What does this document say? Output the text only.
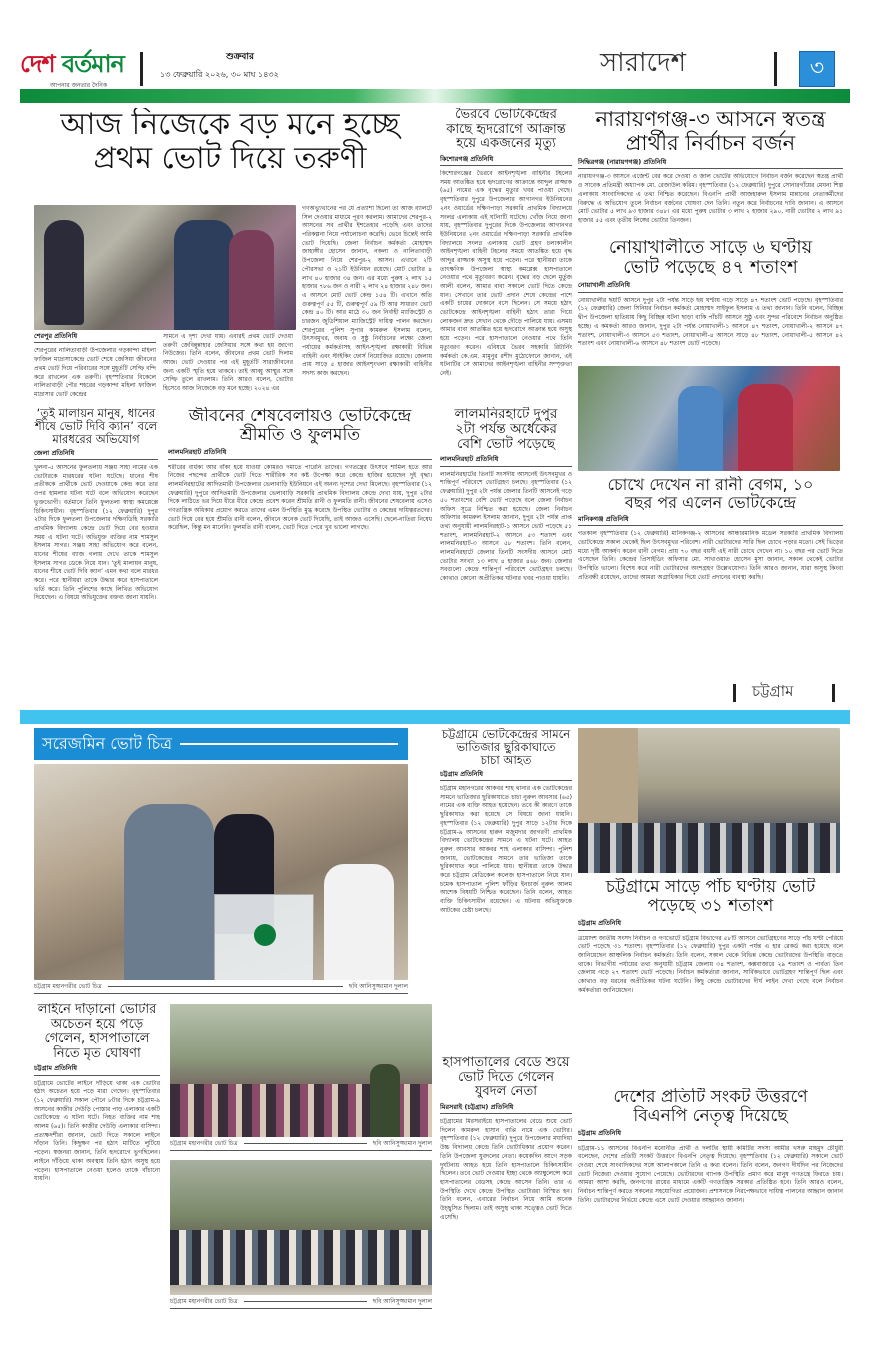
দেশ বর্তমান
আপনার জনতার দৈনিক
শুক্রবার
১৩ ফেব্রুয়ারি ২০২৬, ৩০ মাঘ ১৪৩২	সারাদেশ	৩
আজ নিজেকে বড় মনে হচ্ছে
প্রথম ভোট দিয়ে তরুণী
শেরপুর প্রতিনিধি
শেরপুরের নালিতাবাড়ী উপজেলার গড়কান্দা মহিলা ফাজিল মাদ্রাসাকেন্দ্রে ভোট শেষে জেসিয়া জীবনের প্রথম ভোট দিয়ে পরিবারের সঙ্গে মুহূর্তটি সেল্ফি বন্দি করে রাখলেন এক তরুণী। বৃহস্পতিবার বিকেলে নালিতাবাড়ী পৌর শহরের গড়কান্দা মহিলা ফাজিল মাদ্রাসার ভোট কেন্দ্রের
সামনে এ দৃশ্য দেখা যায়। এবারই প্রথম ভোট দেওয়া তরুণী জেবিন্নুন্নাহার জেসিয়ার সঙ্গে কথা হয় জাগো নিউজের। তিনি বলেন, জীবনের প্রথম ভোট দিলাম আজ। ভোট দেওয়ার পর এই মুহূর্তটি সারাজীবনের জন্য একটি স্মৃতি হয়ে থাকবে। তাই আব্বু আম্মুর সঙ্গে সেল্ফি তুলে রাখলাম। তিনি আরও বলেন, ভোটার হিসেবে আজ নিজেকে বড় মনে হচ্ছে। ২০২৪ এর
গণঅভ্যুত্থানের পর যে প্রত্যাশা ছিলো তা আজ ব্যালটে সিল দেওয়ার মাধ্যমে পূরণ করলাম। আমাদের শেরপুর-২ আসনের সব প্রার্থীর ইশতেহার পড়েছি এবং তাদের পরিকল্পনা নিয়ে পর্যালোচনা করেছি। ভেবে চিন্তেই আমি ভোট দিয়েছি। জেলা নির্বাচন কর্মকর্তা মোহাম্মদ জাহাঙ্গীর হোসেন জানান, নকলা ও নালিতাবাড়ী উপজেলা নিয়ে শেরপুর-২ আসন। এখানে ২টি পৌরসভা ও ২১টি ইউনিয়ন রয়েছে। মোট ভোটার ৪ লাখ ৪০ হাজার ৩৪ জন। এর মধ্যে পুরুষ ২ লাখ ১৫ হাজার ৭৮৬ জন ও নারী ২ লাখ ২৪ হাজার ২৪৮ জন। এ আসনে মোট ভোট কেন্দ্র ১৫৪ টি। এখানে অতি গুরুত্বপূর্ণ ৫৫ টি, গুরুত্বপূর্ণ ৫৯ টি আর সাধারণ ভোট কেন্দ্র ৪০ টি। আর মাঠে ৩০ জন নির্বাহী ম্যাজিস্ট্রেট ও চারজন জুডিশিয়াল ম্যাজিস্ট্রেট দায়িত্ব পালন করছেন। শেরপুরের পুলিশ সুপার কামরুল ইসলাম বলেন, উৎসবমুখর, অবাধ ও সুষ্ঠু নির্বাচনের লক্ষ্যে জেলা পর্যায়ের কর্মকর্তাসহ আইন-শৃঙ্খলা রক্ষাকারী বিভিন্ন বাহিনী এবং স্টাইকিং ফোর্স নিয়োজিত রয়েছে। জেলায় প্রায় সাড়ে ৫ হাজার আইনশৃংখলা রক্ষাকারী বাহিনীর সদস্য কাজ করছেন।
ভৈরবে ভোটকেন্দ্রের
কাছে হৃদরোগে আক্রান্ত
হয়ে একজনের মৃত্যু
কিশোরগঞ্জ প্রতিনিধি
কিশোরগঞ্জের ভৈরবে আইনশৃঙ্খলা বাহিনীর টহলের সময় আতঙ্কিত হয়ে হৃদরোগের আক্রান্তে আব্দুল রাজ্জাক (৬৫) নামের এক বৃদ্ধের মৃত্যুর খবর পাওয়া গেছে। বৃহস্পতিবার দুপুরে উপজেলার আগানগর ইউনিয়নের ২নং ওয়ার্ডের দক্ষিণপাড়া সরকারি প্রাথমিক বিদ্যালয়ে সংলগ্ন এলাকায় এই ঘটনাটি ঘটেছে। খোঁজ নিয়ে জানা যায়, বৃহস্পতিবার দুপুরের দিকে উপজেলার আগানগর ইউনিয়নের ২নং ওয়ার্ডের দক্ষিণপাড়া সরকারি প্রাথমিক বিদ্যালয়ে সংলগ্ন এলাকায় ভোট গ্রহণ চলাকালীন আইনশৃঙ্খলা বাহিনী টহলের সময়ে আতঙ্কিত হয়ে বৃদ্ধ আব্দুর রাজ্জাক অসুস্থ হয়ে পড়েন। পরে স্থানীয়রা তাকে তাৎক্ষণিক উপজেলা স্বাস্থ্য কমপ্লেক্স হাসপাতালে নেওয়ার পথে মৃত্যুবরণ করেন। বৃদ্ধের বড় ছেলে মুর্তুজ আলী বলেন, আমার বাবা সকালে ভোট দিতে কেন্দ্রে যান। সেখানে তার ভোট প্রদান শেষে কেন্দ্রের পাশে একটি চায়ের দোকানে বসে ছিলেন। সে সময়ে হঠাৎ ভোটকেন্দ্রে আইনশৃঙ্খলা বাহিনী হঠাৎ তারা গিয়ে লোকজন দ্রুত সেখান থেকে দৌড়ে পালিয়ে যায়। এসময় আমার বাবা আতঙ্কিত হয়ে হৃদরোগে আক্রান্ত হয়ে অসুস্থ হয়ে পড়েন। পরে হাসপাতালে নেওয়ার পথে তিনি মৃত্যুবরণ করেন। এবিষয়ে ভৈরব সহকারি রিটার্নিং কর্মকর্তা কে.এম. মামুনুর রশীদ মুঠোফোনে জানান, এই ঘটনাটির সে আমাদের আইনশৃঙ্খলা বাহিনীর সম্পৃক্ততা নেই।
নারায়ণগঞ্জ-৩ আসনে স্বতন্ত্র
প্রার্থীর নির্বাচন বর্জন
সিদ্ধিরগঞ্জ (নারায়ণগঞ্জ) প্রতিনিধি
নারায়ণগঞ্জ-৩ আসনে এজেন্ট বের করে দেওয়া ও জাল ভোটের অভিযোগে নির্বাচন বর্জন করেছেন স্বতন্ত্র প্রার্থী ও সাবেক প্রতিমন্ত্রী অধ্যাপক মো. রেজাউল করিম। বৃহস্পতিবার (১২ ফেব্রুয়ারি) দুপুরে সোনারগাঁয়ের মেঘনা শিল্প এলাকায় সাংবাদিকদের এ তথ্য নিশ্চিত করেছেন। বিএনপি প্রার্থী আজহারুল ইসলাম মান্নানের নেতাকর্মীদের বিরুদ্ধে এ অভিযোগ তুলে নির্বাচন বর্জনের ঘোষণা দেন তিনি। নতুন করে নির্বাচনের দাবি জানান। এ আসনে মোট ভোটার ৫ লাখ ৯৩ হাজার ৩৪৮। এর মধ্যে পুরুষ ভোটার ৩ লাখ ২ হাজার ২৯০, নারী ভোটার ২ লাখ ৯১ হাজার ৫৫ এবং তৃতীয় লিঙ্গের ভোটার তিনজন।
নোয়াখালীতে সাড়ে ৬ ঘণ্টায়
ভোট পড়েছে ৪৭ শতাংশ
নোয়াখালী প্রতিনিধি
নোয়াখালীর ছয়টি আসনে দুপুর ২টা পর্যন্ত সাড়ে ছয় ঘণ্টায় গড়ে সাড়ে ৪৭ শতাংশ ভোট পড়েছে। বৃহস্পতিবার (১২ ফেব্রুয়ারি) জেলা সিনিয়র নির্বাচন কর্মকর্তা মোহাম্মদ সাইফুল ইসলাম এ তথ্য জানান। তিনি বলেন, বিচ্ছিন্ন দ্বীপ উপজেলা হাতিয়ায় কিছু বিচ্ছিন্ন ঘটনা ছাড়া বাকি পাঁচটি আসনে সুষ্ঠু এবং সুন্দর পরিবেশে নির্বাচন অনুষ্ঠিত হচ্ছে। এ কমকর্তা আরও জানান, দুপুর ২টা পর্যন্ত নোয়াখালী-১ আসনে ৪৭ শতাংশ, নোয়াখালী-২ আসনে ৪৭ শতাংশ, নোয়াখালী-৩ আসনে ৫৩ শতাংশ, নোয়াখালী-৪ আসনে সাড়ে ৪৮ শতাংশ, নোয়াখালী-৫ আসনে ৪২ শতাংশ এবং নোয়াখালী-৬ আসনে ৪৮ শতাংশ ভোট পড়েছে।
‘তুই মালায়ন মানুষ, ধানের
শীষে ভোট দিবি ক্যান’ বলে
মারধরের অভিযোগ
জেলা প্রতিনিধি
খুলনা-৫ আসনের ফুলতলায় সঞ্জয় সাহা নামের এক ভোটারকে মারধরের ঘটনা ঘটেছে। ধানের শীষ প্রতীককে প্রার্থীকে ভোট দেওয়াকে কেন্দ্র করে তার ওপর হামলার ঘটনা ঘটে বলে অভিযোগ করেছেন ভুক্তভোগী। বর্তমানে তিনি ফুলতলা স্বাস্থ্য কমপ্লেক্সে চিকিৎসাধীন। বৃহস্পতিবার (১২ ফেব্রুয়ারি) দুপুর ২টার দিকে ফুলতলা উপজেলার দক্ষিণডিহি সরকারি প্রাথমিক বিদ্যালয় কেন্দ্রে ভোট দিয়ে বের হওয়ার সময় এ ঘটনা ঘটে। অভিযুক্ত ব্যক্তির নাম শামসুল ইসলাম সাগর। সঞ্জয় সাহা অভিযোগ করে বলেন, ধানের শীষের ব্যাজ গলায় দেখে তাকে শামসুল ইসলাম সাগর ডেকে নিয়ে যান। ‘তুই মালায়ন মানুষ, ধানের শীষে ভোট দিবি ক্যান’ এমন কথা বলে মারধর করে। পরে স্থানীয়রা তাকে উদ্ধার করে হাসপাতালে ভর্তি করে। তিনি পুলিশের কাছে লিখিত অভিযোগ দিয়েছেন। এ বিষয়ে অভিযুক্তের বক্তব্য জানা যায়নি।
জীবনের শেষবেলায়ও ভোটকেন্দ্রে
শ্রীমতি ও ফুলমতি
লালমনিরহাট প্রতিনিধি
শরীরের বার্ধক্য আর বাঁকা হয়ে যাওয়া কোমরও দমাতে পারেনি তাদের। গণতন্ত্রের উৎসবে শামিল হতে আর নিজের পছন্দের প্রার্থীকে ভোট দিতে শারীরিক সব কষ্ট উপেক্ষা করে কেন্দ্রে হাজির হয়েছেন দুই বৃদ্ধা। লালমনিরহাটের আদিতমারী উপজেলার ভেলাবাড়ি ইউনিয়নে এই অনন্য দৃশ্যের দেখা মিলেছে। বৃহস্পতিবার (১২ ফেব্রুয়ারি) দুপুরে আদিতমারী উপজেলার ভেলাবাড়ি সরকারি প্রাথমিক বিদ্যালয় কেন্দ্রে দেখা যায়, দুপুর ২টার দিকে লাঠিতে ভর দিয়ে ধীরে ধীরে কেন্দ্রে প্রবেশ করেন শ্রীমতি রানী ও ফুলমতি রানী। জীবনের শেষবেলায় এসেও গণতান্ত্রিক অধিকার প্রয়োগ করতে তাদের এমন উপস্থিতি মুগ্ধ করেছে উপস্থিত ভোটার ও কেন্দ্রের দায়িত্বরতদের। ভোট দিয়ে বের হয়ে শ্রীমতি রানী বলেন, জীবনে অনেক ভোট দিয়েছি, তাই আজও এসেছি। ছেলে-নাতিরা নিষেধ করেছিল, কিন্তু মন মানেনি। ফুলমতি রানী বলেন, ভোট দিতে পেরে খুব ভালো লাগছে।
লালমনিরহাটে দুপুর
২টা পর্যন্ত অর্ধেকের
বেশি ভোট পড়েছে
লালমনিরহাট প্রতিনিধি
লালমনিরহাটের তিনটি সংসদীয় আসনেই উৎসবমুখর ও শান্তিপূর্ণ পরিবেশে ভোটগ্রহণ চলছে। বৃহস্পতিবার (১২ ফেব্রুয়ারি) দুপুর ২টা পর্যন্ত জেলার তিনটি আসনেই গড়ে ৫০ শতাংশের বেশি ভোট পড়েছে বলে জেলা নির্বাচন অফিস সূত্রে নিশ্চিত করা হয়েছে। জেলা নির্বাচন অফিসার কামরুল ইসলাম জানান, দুপুর ২টা পর্যন্ত প্রাপ্ত তথ্য অনুযায়ী লালমনিরহাট-১ আসনে ভোট পড়েছে ৫১ শতাংশ, লালমনিরহাট-২ আসনে ৫৩ শতাংশ এবং লালমনিরহাট-৩ আসনে ৫৮ শতাংশ। তিনি বলেন, লালমনিরহাটে জেলার তিনটি সংসদীয় আসনে মোট ভোটার সংখ্যা ১৩ লাখ ৪ হাজার ৪৬৮ জন। জেলার সবগুলো কেন্দ্রে শান্তিপূর্ণ পরিবেশে ভোটগ্রহণ চলছে। কোথাও কোনো অপ্রীতিকর ঘটনার খবর পাওয়া যায়নি।
চোখে দেখেন না রানী বেগম, ১০
বছর পর এলেন ভোটকেন্দ্রে
মানিকগঞ্জ প্রতিনিধি
গতকাল বৃহস্পতিবার (১২ ফেব্রুয়ারি) মানিকগঞ্জ-২ আসনের আন্ধারমানিক মডেল সরকারি প্রাথমিক বিদ্যালয় ভোটকেন্দ্রে সকাল থেকেই ছিল উৎসবমুখর পরিবেশ। নারী ভোটারদের সারি ছিল চোখে পড়ার মতো। সেই ভিড়ের মধ্যে দৃষ্টি আকর্ষণ করেন রানী বেগম। প্রায় ৭০ বছর বয়সী এই নারী চোখে দেখেন না। ১০ বছর পর ভোট দিতে এসেছেন তিনি। কেন্দ্রের প্রিসাইডিং অফিসার মো. সাখাওয়াত হোসেন মুসা জানান, সকাল থেকেই ভোটার উপস্থিতি ভালো। বিশেষ করে নারী ভোটারদের অংশগ্রহণ উল্লেখযোগ্য। তিনি আরও জানান, যারা অসুস্থ কিংবা প্রতিবন্ধী রয়েছেন, তাদের আমরা অগ্রাধিকার দিয়ে ভোট প্রদানের ব্যবস্থা করছি।
চট্টগ্রাম
সরেজমিন ভোট চিত্র
চট্টগ্রাম মহানগরীর ভোট চিত্র	ছবি আনিসুজ্জামান দুলাল
লাইনে দাঁড়ানো ভোটার
অচেতন হয়ে পড়ে
গেলেন, হাসপাতালে
নিতে মৃত ঘোষণা
চট্টগ্রাম প্রতিনিধি
চট্টগ্রামে ভোটের লাইনে দাঁড়িয়ে থাকা এক ভোটার হঠাৎ অচেতন হয়ে পড়ে মারা গেছেন। বৃহস্পতিবার (১২ ফেব্রুয়ারি) সকাল পৌনে ৮টার দিকে চট্টগ্রাম-৯ আসনের কাজীর দেউড়ি পোস্তার পাড় এলাকার একটি ভোটকেন্দ্রে এ ঘটনা ঘটে। নিহত ব্যক্তির নাম শাহ আলম (৬৫)। তিনি কাজীর দেউড়ি এলাকার বাসিন্দা। প্রত্যক্ষদর্শীরা জানান, ভোট দিতে সকালে লাইনে দাঁড়ান তিনি। কিছুক্ষণ পর হঠাৎ মাটিতে লুটিয়ে পড়েন। স্বজনরা জানান, তিনি হৃদরোগে ভুগছিলেন। লাইনে দাঁড়িয়ে থাকা অবস্থায় তিনি হঠাৎ অসুস্থ হয়ে পড়েন। হাসপাতালে নেওয়া হলেও তাকে বাঁচানো যায়নি।
চট্টগ্রাম মহানগরীর ভোট চিত্র	ছবি আনিসুজ্জামান দুলাল
চট্টগ্রাম মহানগরীর ভোট চিত্র	ছবি আনিসুজ্জামান দুলাল
চট্টগ্রামে ভোটকেন্দ্রের সামনে
ভাতিজার ছুরিকাঘাতে
চাচা আহত
চট্টগ্রাম প্রতিনিধি
চট্টগ্রাম মহানগরের আকবর শাহ থানার এক ভোটকেন্দ্রের সামনে ভাতিজার ছুরিকাঘাতে চাচা নুরুল আবসার (৬৫) নামের এক ব্যক্তি আহত হয়েছেন। তবে কী কারণে তাকে ছুরিকাঘাত করা হয়েছে সে বিষয়ে জানা যায়নি। বৃহস্পতিবার (১২ ফেব্রুয়ারি) দুপুর সাড়ে ১২টার দিকে চট্টগ্রাম-৯ আসনের হারুন মজুমদার জাগরণী প্রাথমিক বিদ্যালয় ভোটকেন্দ্রের সামনে এ ঘটনা ঘটে। আহত নুরুল আবসার আকবর শাহ এলাকার বাসিন্দা। পুলিশ জানায়, ভোটকেন্দ্রের সামনে তার ভাতিজা তাকে ছুরিকাঘাত করে পালিয়ে যায়। স্থানীয়রা তাকে উদ্ধার করে চট্টগ্রাম মেডিকেল কলেজ হাসপাতালে নিয়ে যান। চমেক হাসপাতাল পুলিশ ফাঁড়ির ইনচার্জ নুরুল আলম আশেক বিষয়টি নিশ্চিত করেছেন। তিনি বলেন, আহত ব্যক্তি চিকিৎসাধীন রয়েছেন। এ ঘটনায় অভিযুক্তকে আটকের চেষ্টা চলছে।
হাসপাতালের বেডে শুয়ে
ভোট দিতে গেলেন
যুবদল নেতা
মিরসরাই (চট্টগ্রাম) প্রতিনিধি
চট্টগ্রামের মিরসরাইয়ে হাসপাতালের বেডে শুয়ে ভোট দিলেন কামরুল হাসান বাপ্পি নামে এক ভোটার। বৃহস্পতিবার (১২ ফেব্রুয়ারি) দুপুরে উপজেলার মঘাদিয়া উচ্চ বিদ্যালয় কেন্দ্রে তিনি ভোটাধিকার প্রয়োগ করেন। তিনি উপজেলা যুবদলের নেতা। কয়েকদিন আগে সড়ক দুর্ঘটনায় আহত হয়ে তিনি হাসপাতালে চিকিৎসাধীন ছিলেন। তবে ভোট দেওয়ার ইচ্ছা থেকে অ্যাম্বুলেন্সে করে হাসপাতালের বেডসহ কেন্দ্রে আসেন তিনি। তার এ উপস্থিতি দেখে কেন্দ্রে উপস্থিত ভোটাররা বিস্মিত হন। তিনি বলেন, এবারের নির্বাচন নিয়ে আমি অনেক উচ্ছ্বসিত ছিলাম। তাই অসুস্থ থাকা সত্ত্বেও ভোট দিতে এসেছি।
চট্টগ্রামে সাড়ে পাঁচ ঘণ্টায় ভোট
পড়েছে ৩১ শতাংশ
চট্টগ্রাম প্রতিনিধি
ত্রয়োদশ জাতীয় সংসদ নির্বাচন ও গণভোটে চট্টগ্রাম বিভাগের ৫৮টি আসনে ভোটগ্রহণের সাড়ে পাঁচ ঘণ্টা পেরিয়ে ভোট পড়েছে ৩১ শতাংশ। বৃহস্পতিবার (১২ ফেব্রুয়ারি) দুপুর একটা পর্যন্ত এ হার রেকর্ড করা হয়েছে বলে জানিয়েছেন আঞ্চলিক নির্বাচন কর্মকর্তা। তিনি বলেন, সকাল থেকে বিভিন্ন কেন্দ্রে ভোটারদের উপস্থিতি বাড়তে থাকে। বিভাগীয় পর্যায়ের তথ্য অনুযায়ী চট্টগ্রাম জেলায় ৩৪ শতাংশ, কক্সবাজারে ২৯ শতাংশ ও পার্বত্য তিন জেলায় গড়ে ২৭ শতাংশ ভোট পড়েছে। নির্বাচন কর্মকর্তারা জানান, সার্বিকভাবে ভোটগ্রহণ শান্তিপূর্ণ ছিল এবং কোথাও বড় ধরনের অপ্রীতিকর ঘটনা ঘটেনি। কিছু কেন্দ্রে ভোটারদের দীর্ঘ লাইন দেখা গেছে বলে নির্বাচন কর্মকর্তারা জানিয়েছেন।
দেশের প্রতিটি সংকট উত্তরণে
বিএনপি নেতৃত্ব দিয়েছে
চট্টগ্রাম প্রতিনিধি
চট্টগ্রাম-১১ আসনের বিএনপি মনোনীত প্রার্থী ও দলটির স্থায়ী কমিটির সদস্য আমীর খসরু মাহমুদ চৌধুরী বলেছেন, দেশের প্রতিটি সংকট উত্তরণে বিএনপি নেতৃত্ব দিয়েছে। বৃহস্পতিবার (১২ ফেব্রুয়ারি) সকালে ভোট দেওয়া শেষে সাংবাদিকদের সঙ্গে আলাপকালে তিনি এ কথা বলেন। তিনি বলেন, জনগণ দীর্ঘদিন পর নিজেদের ভোট নিজেরা দেওয়ার সুযোগ পেয়েছে। ভোটারদের ব্যাপক উপস্থিতি প্রমাণ করে মানুষ গণতন্ত্রে ফিরতে চায়। আমরা আশা করছি, জনগণের রায়ের মাধ্যমে একটি গণতান্ত্রিক সরকার প্রতিষ্ঠিত হবে। তিনি আরও বলেন, নির্বাচন শান্তিপূর্ণ করতে সকলের সহযোগিতা প্রয়োজন। প্রশাসনকে নিরপেক্ষভাবে দায়িত্ব পালনের আহ্বান জানান তিনি। ভোটারদের নির্ভয়ে কেন্দ্রে এসে ভোট দেওয়ার আহ্বানও জানান।
